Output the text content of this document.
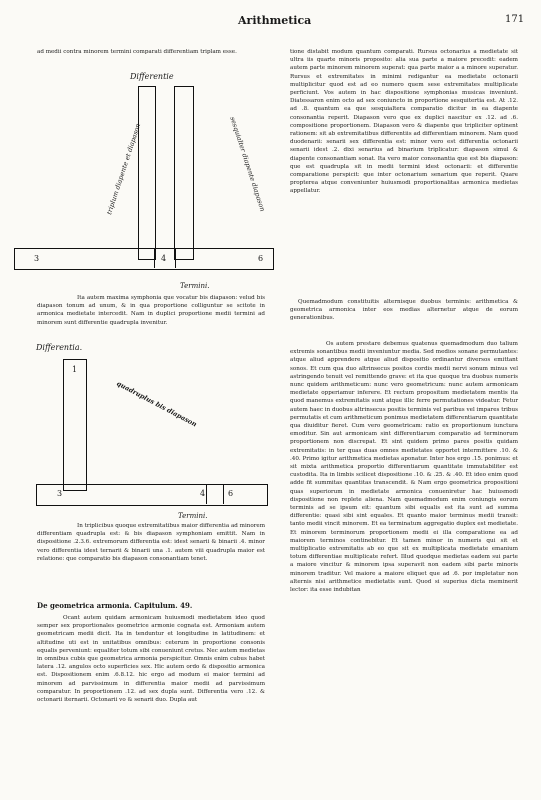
Arithmetica	171
ad medii contra minorem termini comparati differentiam triplam esse.
Differentie
triplum diapente et diapason	sesquialter diapente diapason
3	4	6
Termini.
Ita autem maxima symphonia que vocatur bis diapason: velud bis diapason tonum ad unum, & in qua proportione colliguntur se scitote in armonica medietate intercedit. Nam in duplici proportione medii termini ad minorem sunt differentie quadrupla invenitur.
Differentia.
quadruplus bis diapason
1
3	4	6
Termini.
In triplicibus quoque extremitatibus maior differentia ad minorem differentiam quadrupla est: & bis diapason symphoniam emittit. Nam in dispositione .2.3.6. extremorum differentia est: idest senarii & binarii .4. minor vero differentia idest ternarii & binarii una .1. autem viii quadrupla maior est relatione: que comparatio bis diapason consonantiam tenet.
De geometrica armonia. Capitulum. 49.
Ocant autem quidam armonicam huiusmodi medietatem ideo quod semper sex proportionales geometrice armonie cognata est. Armoniam autem geometricam medii dicit. Ita in tenduntur et longitudine in latitudinem: et altitudine uti est in unitatibus omnibus: ceterum in proportione consonis equalis perveniunt: equaliter totum sibi conueniunt cretus. Nec autem medietas in omnibus cubis que geometrica armonia perspicitur. Omnis enim cubus habet latera .12. angulos octo superficies sex. Hic autem ordo & dispositio armonica est. Dispositionem enim .6.8.12. hic ergo ad modum ei maior termini ad minorem ad parvissimum in differentia maior medii ad parvissimum comparatur. In proportionem .12. ad sex dupla sunt. Differentia vero .12. & octonarii iternarii. Octonarii vo & senarii duo. Dupla aut
tione distabit modum quantum comparati. Rursus octonarius a medietate sit ultra iis quarte minoris proposito: alia sua parte a maiore precedit: eadem autem parte minorem minorem superat: qua parte maior a a minore superatur. Rursus et extremitates in minimi redigantur ea medietate octonarii multiplicitur quod est ad eo numero quem sese extremitates multiplicate perficiunt. Vos autem in hac dispositione symphonias musicas inveniunt. Diatessaron enim octo ad sex coniuncto in proportione sesquitertia est. At .12. ad .8. quantum ea que sesquialtera comparatio dicitur in ea diapente consonantia reperit. Diapason vero que ex duplici nascitur ex .12. ad .6. compositione proportionem. Diapason vero & diapente que tripliciter optinent rationem: sit ab extremitatibus differentiis ad differentiam minorem. Nam quod duodenarii: senarii sex differentia est: minor vero est differentia octonarii senarii idest .2. dixi senarius ad binarium triplicatur: diapason simul & diapente consonantiam sonat. Ita vero maior consonantia que est bis diapason: que est quadrupla sit in medii termini idest octonarii: et differentie comparatione perspicit: que inter octonarium senarium que reperit. Quare propterea atque conveniunter huiusmodi proportionalitas armonica medietas appellatur.
Quemadmodum constituitis alternisque duobus terminis: arithmetica & geometrica armonica inter eos medias alternetur atque de eorum generationibus.
Os autem prestare debemus quatenus quemadmodum duo talium extremis sonantibus medii inveniuntur media. Sed medios sonane permutantes: atque aliud apprendere atque aliud dispositio ordinantur diversos emittant sonos. Et cum qua duo altrinsecus positos cordis medii nervi sonum minus vel astringendo tenuit vel remittendo grave: et ita que quoque tra duobus numeris nunc quidem arithmeticum: nunc vero geometricum: nunc autem armonicam medietate opperiamur inferere. Et rectum propositum medietatem mentis ita quod manemus extremitatis sunt atque illic ferre permutationes videatur. Fetur autem haec in duobus altrinsecus positis terminis vel paribus vel impares tribus permutatis et cum arithmeticum ponimus medietatem differentiarum quantitate qua diuiditur fieret. Cum vero geometricam: ratio ex proportionum iunctura emoditur. Sin aut armonicam sint differentiarum comparatio ad terminorum proportionem non discrepat. Et sint quidem primo pares positis quidam extremitatis: in ter quas duas omnes medietates opportet intermittere .10. & .40. Primo igitur arithmetica medietas aponatur. Inter hos ergo .15. ponimus: et sit mixta arithmetica proportio differentiarum quantitate immutabiliter est custodita. Ita in limbis scilicet dispositione .10. & .25. & .40. Et ideo enim quod adde fit summitas quantitas transcendit. & Nam ergo geometrica propositioni quas superiorum in medietate armonica conueniretur hac huiusmodi dispositione non replete aliena. Nam quemadmodum enim coniungis eorum terminis ad se ipsum eit: quantum sibi equalis est ita sunt ad summa differentie: quasi sibi sint equales. Et quanto maior terminus medii transit: tanto medii vincit minorem. Et ea terminatum aggregatio duplex est medietate. Et minorem terminorum proportionem medii ei illa comparatione ea ad maiorem terminos continebitur. Et tamen minor in numeris qui sit et multiplicatio extremitatis ab eo que sit ex multiplicata medietate emanium totum differentiae multiplicate refert. Illud quodque medietas eadem sui parte a maiore vincitur & minorem ipsa superavit non eadem sibi parte minoris minorem traditur. Vel maiore a maiore eliquet que ad .6. por impletatur non alternis nisi arithmetice medietatis sunt. Quod si superius dicta meminerit lector: ita esse indubitan
